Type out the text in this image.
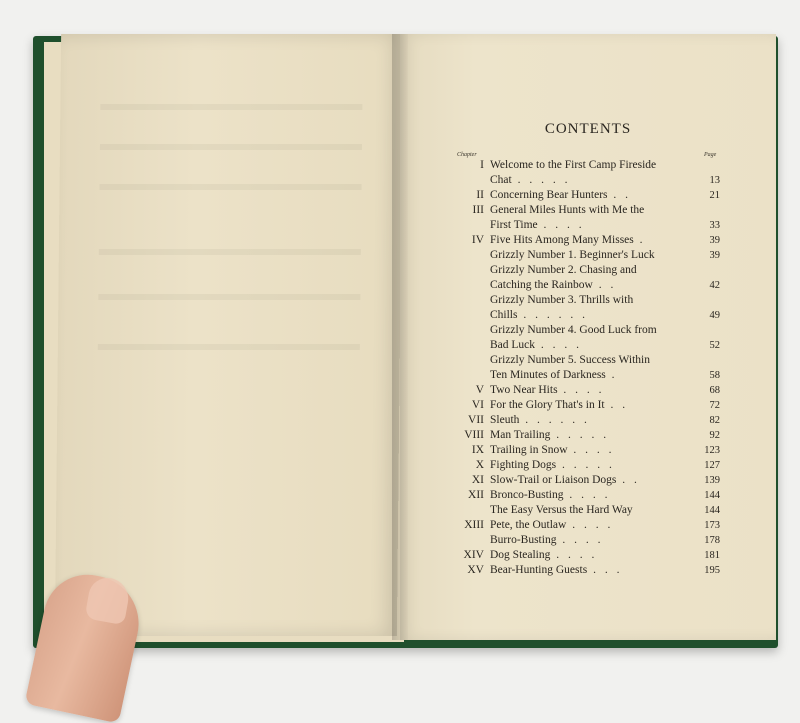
CONTENTS
Chapter	Page
I Welcome to the First Camp Fireside
Chat . . . . .	13
II Concerning Bear Hunters . .	21
III General Miles Hunts with Me the
First Time . . . .	33
IV Five Hits Among Many Misses .	39
Grizzly Number 1. Beginner's Luck	39
Grizzly Number 2. Chasing and
Catching the Rainbow . .	42
Grizzly Number 3. Thrills with
Chills . . . . . .	49
Grizzly Number 4. Good Luck from
Bad Luck . . . .	52
Grizzly Number 5. Success Within
Ten Minutes of Darkness .	58
V Two Near Hits . . . .	68
VI For the Glory That's in It . .	72
VII Sleuth . . . . . .	82
VIII Man Trailing . . . . .	92
IX Trailing in Snow . . . .	123
X Fighting Dogs . . . . .	127
XI Slow-Trail or Liaison Dogs . .	139
XII Bronco-Busting . . . .	144
The Easy Versus the Hard Way	144
XIII Pete, the Outlaw . . . .	173
Burro-Busting . . . .	178
XIV Dog Stealing . . . .	181
XV Bear-Hunting Guests . . .	195
